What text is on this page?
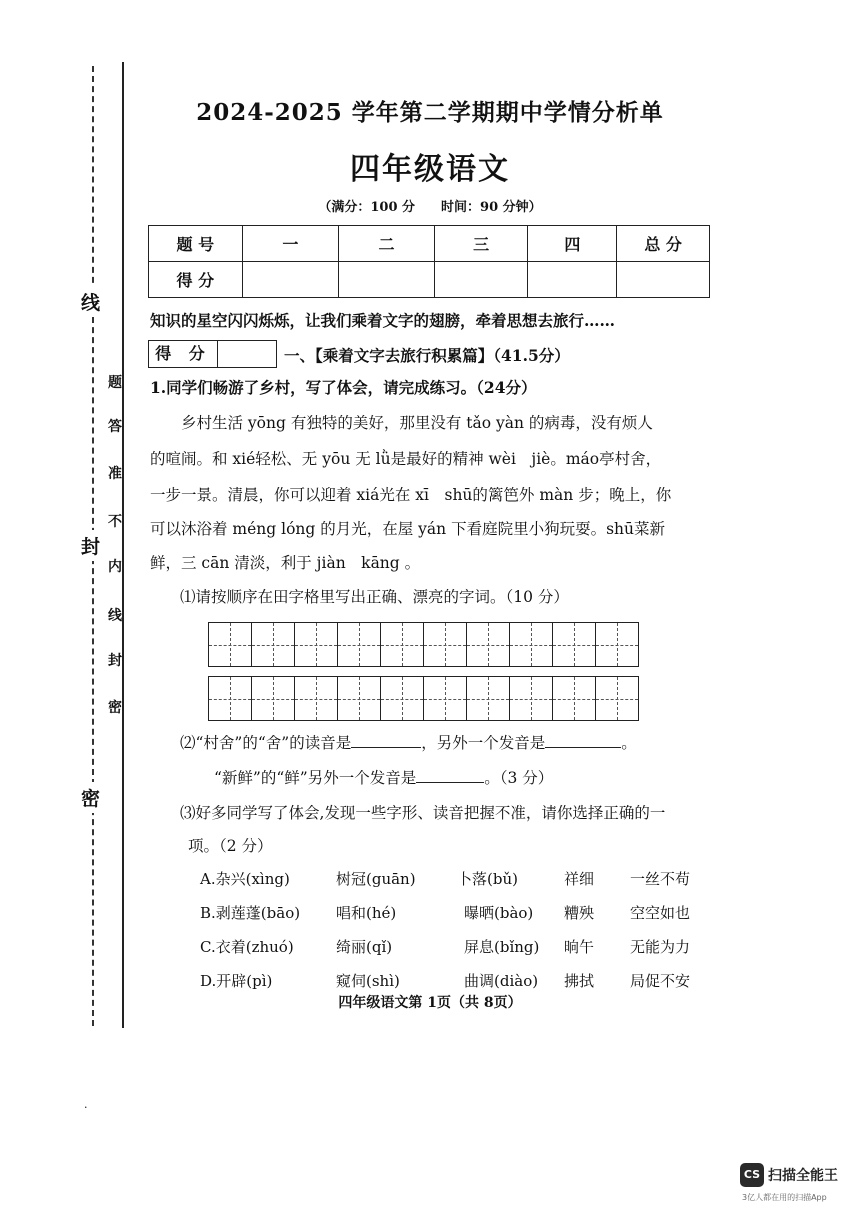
线
封
密
题
答
准
不
内
线
封
密
.
2024-2025 学年第二学期期中学情分析单
四年级语文
（满分：100 分　　时间：90 分钟）
题 号	一	二	三	四	总 分
得 分					
知识的星空闪闪烁烁，让我们乘着文字的翅膀，牵着思想去旅行……
得 分	一、【乘着文字去旅行积累篇】（41.5分）
1.同学们畅游了乡村，写了体会，请完成练习。（24分）
乡村生活 yōng 有独特的美好，那里没有 tǎo yàn 的病毒，没有烦人
的喧闹。和 xié轻松、无 yōu 无 lǜ是最好的精神 wèi　jiè。máo亭村舍，
一步一景。清晨，你可以迎着 xiá光在 xī　shū的篱笆外 màn 步；晚上，你
可以沐浴着 méng lóng 的月光，在屋 yán 下看庭院里小狗玩耍。shū菜新
鲜，三 cān 清淡，利于 jiàn　kāng 。
⑴请按顺序在田字格里写出正确、漂亮的字词。（10 分）
⑵“村舍”的“舍”的读音是	，另外一个发音是	。
“新鲜”的“鲜”另外一个发音是	。（3 分）
⑶好多同学写了体会,发现一些字形、读音把握不准，请你选择正确的一
项。（2 分）
A.杂兴(xìng)	树冠(guān)	卜落(bǔ)	祥细 一丝不苟
B.剥莲蓬(bāo) 唱和(hé)	曝晒(bào) 糟殃 空空如也
C.衣着(zhuó)	绮丽(qǐ)	屏息(bǐng) 晌午 无能为力
D.开辟(pì)	窥伺(shì)	曲调(diào) 拂拭 局促不安
四年级语文第 1页（共 8页）
CS 扫描全能王
3亿人都在用的扫描App
